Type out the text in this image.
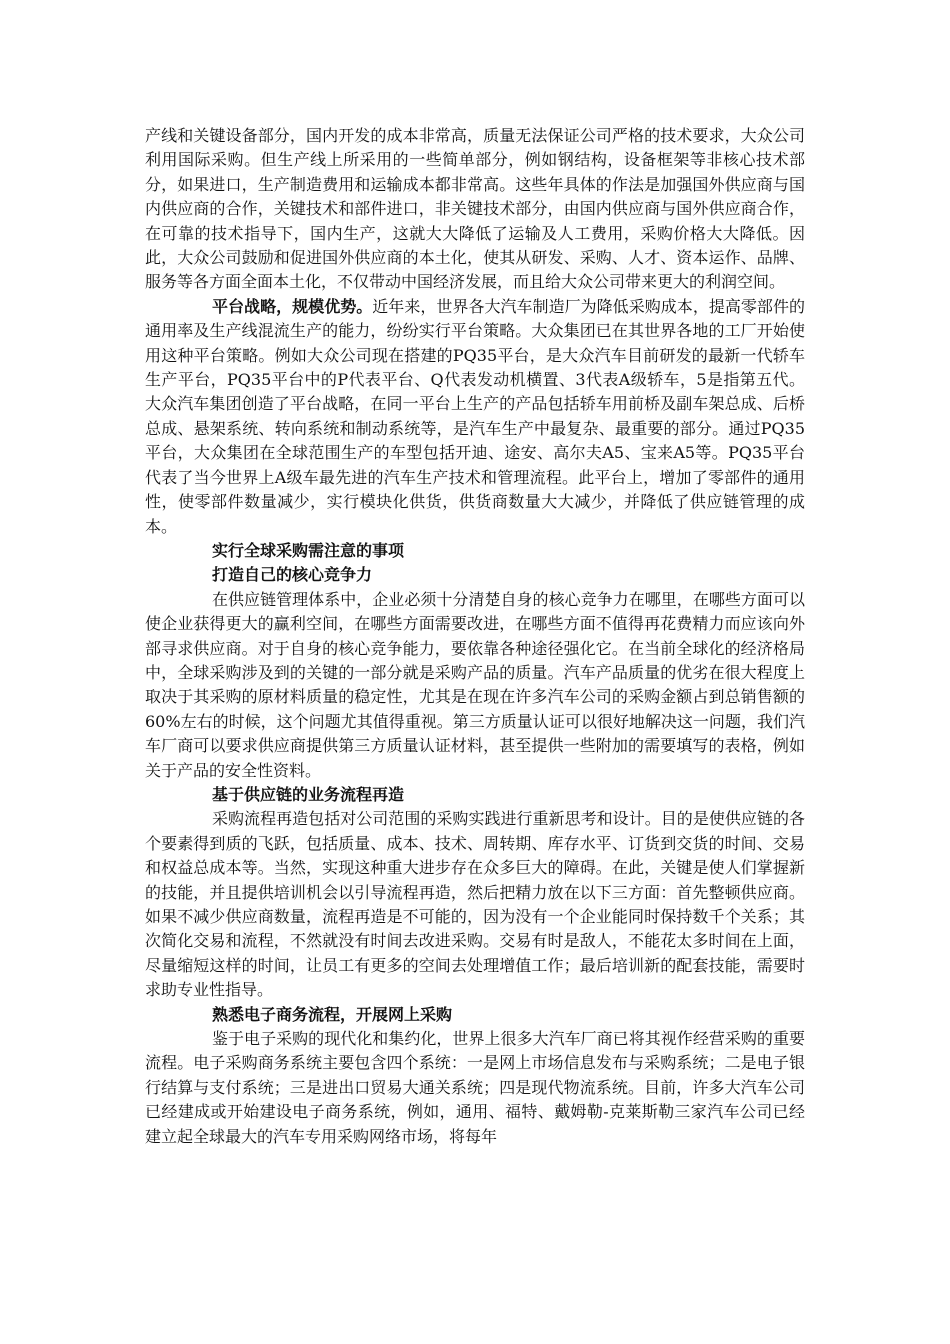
产线和关键设备部分，国内开发的成本非常高，质量无法保证公司严格的技术要求，大众公司利用国际采购。但生产线上所采用的一些简单部分，例如钢结构，设备框架等非核心技术部分，如果进口，生产制造费用和运输成本都非常高。这些年具体的作法是加强国外供应商与国内供应商的合作，关键技术和部件进口，非关键技术部分，由国内供应商与国外供应商合作，在可靠的技术指导下，国内生产，这就大大降低了运输及人工费用，采购价格大大降低。因此，大众公司鼓励和促进国外供应商的本土化，使其从研发、采购、人才、资本运作、品牌、服务等各方面全面本土化，不仅带动中国经济发展，而且给大众公司带来更大的利润空间。

平台战略，规模优势。近年来，世界各大汽车制造厂为降低采购成本，提高零部件的通用率及生产线混流生产的能力，纷纷实行平台策略。大众集团已在其世界各地的工厂开始使用这种平台策略。例如大众公司现在搭建的PQ35平台，是大众汽车目前研发的最新一代轿车生产平台，PQ35平台中的P代表平台、Q代表发动机横置、3代表A级轿车，5是指第五代。大众汽车集团创造了平台战略，在同一平台上生产的产品包括轿车用前桥及副车架总成、后桥总成、悬架系统、转向系统和制动系统等，是汽车生产中最复杂、最重要的部分。通过PQ35平台，大众集团在全球范围生产的车型包括开迪、途安、高尔夫A5、宝来A5等。PQ35平台代表了当今世界上A级车最先进的汽车生产技术和管理流程。此平台上，增加了零部件的通用性，使零部件数量减少，实行模块化供货，供货商数量大大减少，并降低了供应链管理的成本。

实行全球采购需注意的事项

打造自己的核心竞争力

在供应链管理体系中，企业必须十分清楚自身的核心竞争力在哪里，在哪些方面可以使企业获得更大的赢利空间，在哪些方面需要改进，在哪些方面不值得再花费精力而应该向外部寻求供应商。对于自身的核心竞争能力，要依靠各种途径强化它。在当前全球化的经济格局中，全球采购涉及到的关键的一部分就是采购产品的质量。汽车产品质量的优劣在很大程度上取决于其采购的原材料质量的稳定性，尤其是在现在许多汽车公司的采购金额占到总销售额的60%左右的时候，这个问题尤其值得重视。第三方质量认证可以很好地解决这一问题，我们汽车厂商可以要求供应商提供第三方质量认证材料，甚至提供一些附加的需要填写的表格，例如关于产品的安全性资料。

基于供应链的业务流程再造

采购流程再造包括对公司范围的采购实践进行重新思考和设计。目的是使供应链的各个要素得到质的飞跃，包括质量、成本、技术、周转期、库存水平、订货到交货的时间、交易和权益总成本等。当然，实现这种重大进步存在众多巨大的障碍。在此，关键是使人们掌握新的技能，并且提供培训机会以引导流程再造，然后把精力放在以下三方面：首先整顿供应商。如果不减少供应商数量，流程再造是不可能的，因为没有一个企业能同时保持数千个关系；其次简化交易和流程，不然就没有时间去改进采购。交易有时是敌人，不能花太多时间在上面，尽量缩短这样的时间，让员工有更多的空间去处理增值工作；最后培训新的配套技能，需要时求助专业性指导。

熟悉电子商务流程，开展网上采购

鉴于电子采购的现代化和集约化，世界上很多大汽车厂商已将其视作经营采购的重要流程。电子采购商务系统主要包含四个系统：一是网上市场信息发布与采购系统；二是电子银行结算与支付系统；三是进出口贸易大通关系统；四是现代物流系统。目前，许多大汽车公司已经建成或开始建设电子商务系统，例如，通用、福特、戴姆勒-克莱斯勒三家汽车公司已经建立起全球最大的汽车专用采购网络市场，将每年
